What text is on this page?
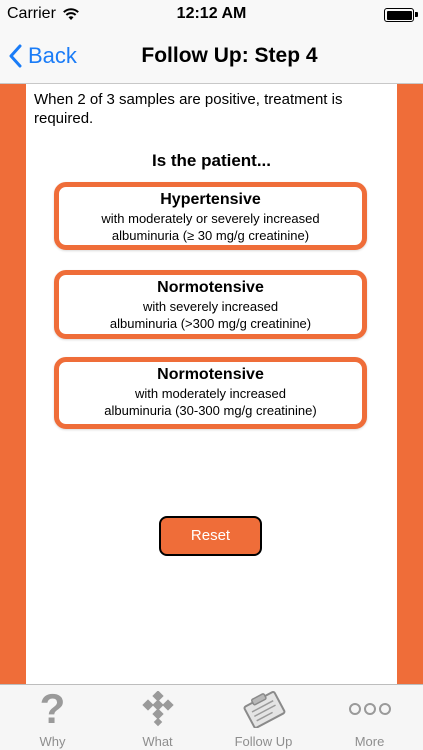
Carrier	12:12 AM
Back	Follow Up: Step 4
When 2 of 3 samples are positive, treatment is required.
Is the patient...
Hypertensive
with moderately or severely increased
albuminuria (≥ 30 mg/g creatinine)
Normotensive
with severely increased
albuminuria (>300 mg/g creatinine)
Normotensive
with moderately increased
albuminuria (30-300 mg/g creatinine)
Reset
?
Why	What	Follow Up	More
